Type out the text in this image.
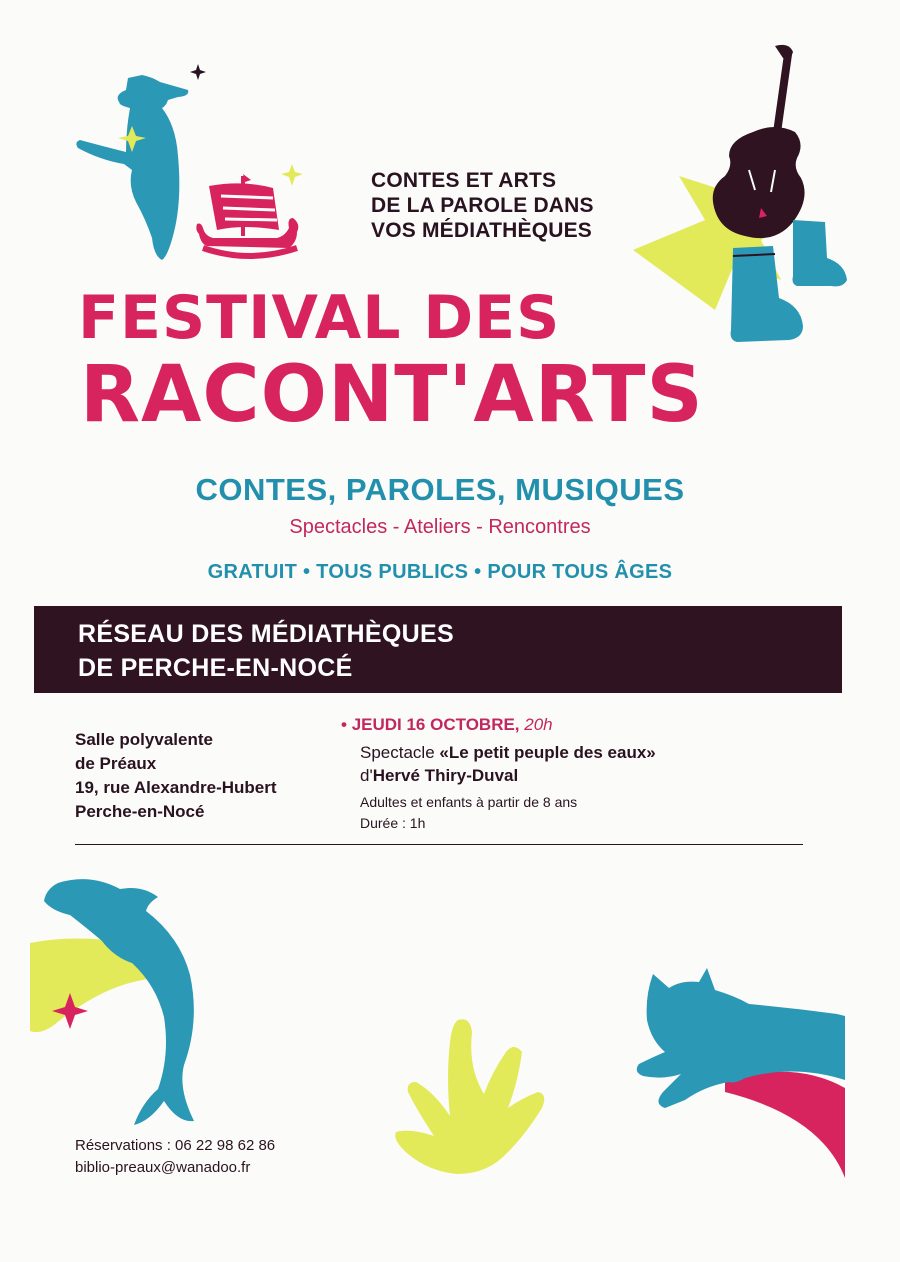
CONTES ET ARTS
DE LA PAROLE DANS
VOS MÉDIATHÈQUES
FESTIVAL DES
RACONT'ARTS
CONTES, PAROLES, MUSIQUES
Spectacles - Ateliers - Rencontres
GRATUIT • TOUS PUBLICS • POUR TOUS ÂGES
RÉSEAU DES MÉDIATHÈQUES
DE PERCHE-EN-NOCÉ
Salle polyvalente
de Préaux
19, rue Alexandre-Hubert
Perche-en-Nocé
• JEUDI 16 OCTOBRE, 20h
Spectacle «Le petit peuple des eaux»
d'Hervé Thiry-Duval
Adultes et enfants à partir de 8 ans
Durée : 1h
Réservations : 06 22 98 62 86
biblio-preaux@wanadoo.fr
